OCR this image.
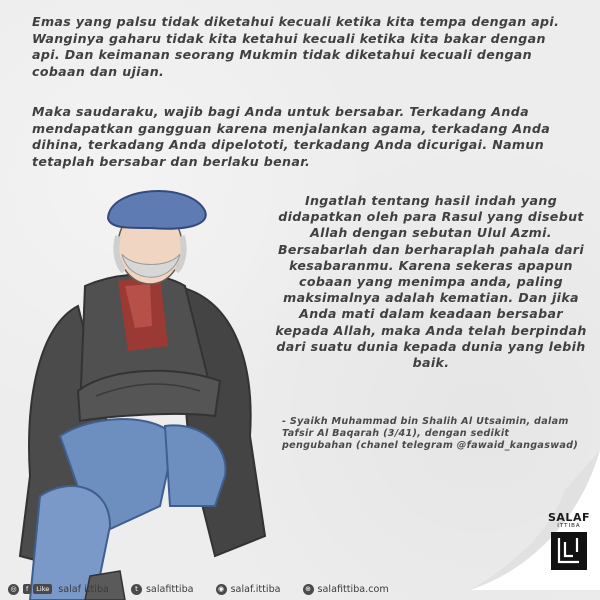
Emas yang palsu tidak diketahui kecuali ketika kita tempa dengan api. Wanginya gaharu tidak kita ketahui kecuali ketika kita bakar dengan api. Dan keimanan seorang Mukmin tidak diketahui kecuali dengan cobaan dan ujian.

Maka saudaraku, wajib bagi Anda untuk bersabar. Terkadang Anda mendapatkan gangguan karena menjalankan agama, terkadang Anda dihina, terkadang Anda dipelototi, terkadang Anda dicurigai. Namun tetaplah bersabar dan berlaku benar.

Ingatlah tentang hasil indah yang didapatkan oleh para Rasul yang disebut Allah dengan sebutan Ulul Azmi. Bersabarlah dan berharaplah pahala dari kesabaranmu. Karena sekeras apapun cobaan yang menimpa anda, paling maksimalnya adalah kematian. Dan jika Anda mati dalam keadaan bersabar kepada Allah, maka Anda telah berpindah dari suatu dunia kepada dunia yang lebih baik.

- Syaikh Muhammad bin Shalih Al Utsaimin, dalam Tafsir Al Baqarah (3/41), dengan sedikit pengubahan (chanel telegram @fawaid_kangaswad)

SALAF
ITTIBA
◎	f	Like salaf ittiba	t salafittiba	◉ salaf.ittiba	⊕ salafittiba.com
